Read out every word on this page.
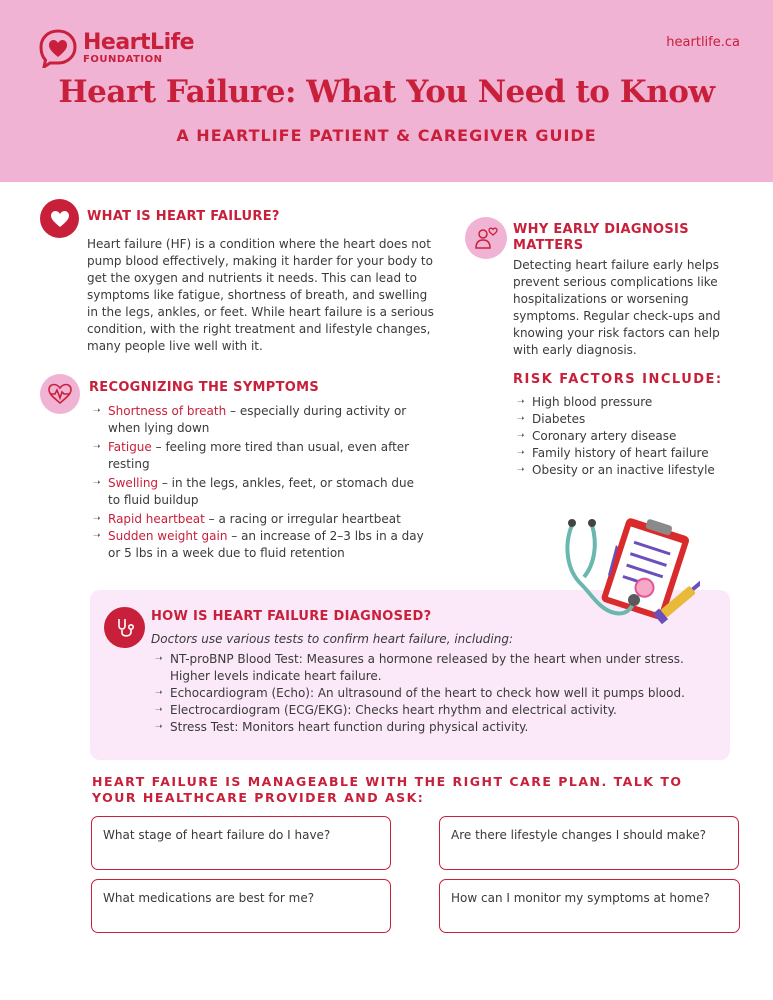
HeartLife
FOUNDATION
heartlife.ca
Heart Failure: What You Need to Know
A HEARTLIFE PATIENT & CAREGIVER GUIDE
WHAT IS HEART FAILURE?
Heart failure (HF) is a condition where the heart does not pump blood effectively, making it harder for your body to get the oxygen and nutrients it needs. This can lead to symptoms like fatigue, shortness of breath, and swelling in the legs, ankles, or feet. While heart failure is a serious condition, with the right treatment and lifestyle changes, many people live well with it.
RECOGNIZING THE SYMPTOMS
➝ Shortness of breath – especially during activity or when lying down
➝ Fatigue – feeling more tired than usual, even after resting
➝ Swelling – in the legs, ankles, feet, or stomach due to fluid buildup
➝ Rapid heartbeat – a racing or irregular heartbeat
➝ Sudden weight gain – an increase of 2–3 lbs in a day or 5 lbs in a week due to fluid retention
WHY EARLY DIAGNOSIS MATTERS
Detecting heart failure early helps prevent serious complications like hospitalizations or worsening symptoms. Regular check-ups and knowing your risk factors can help with early diagnosis.
RISK FACTORS INCLUDE:
➝ High blood pressure
➝ Diabetes
➝ Coronary artery disease
➝ Family history of heart failure
➝ Obesity or an inactive lifestyle
HOW IS HEART FAILURE DIAGNOSED?
Doctors use various tests to confirm heart failure, including:
➝ NT-proBNP Blood Test: Measures a hormone released by the heart when under stress. Higher levels indicate heart failure.
➝ Echocardiogram (Echo): An ultrasound of the heart to check how well it pumps blood.
➝ Electrocardiogram (ECG/EKG): Checks heart rhythm and electrical activity.
➝ Stress Test: Monitors heart function during physical activity.
HEART FAILURE IS MANAGEABLE WITH THE RIGHT CARE PLAN. TALK TO YOUR HEALTHCARE PROVIDER AND ASK:
What stage of heart failure do I have?	Are there lifestyle changes I should make?
What medications are best for me?	How can I monitor my symptoms at home?
